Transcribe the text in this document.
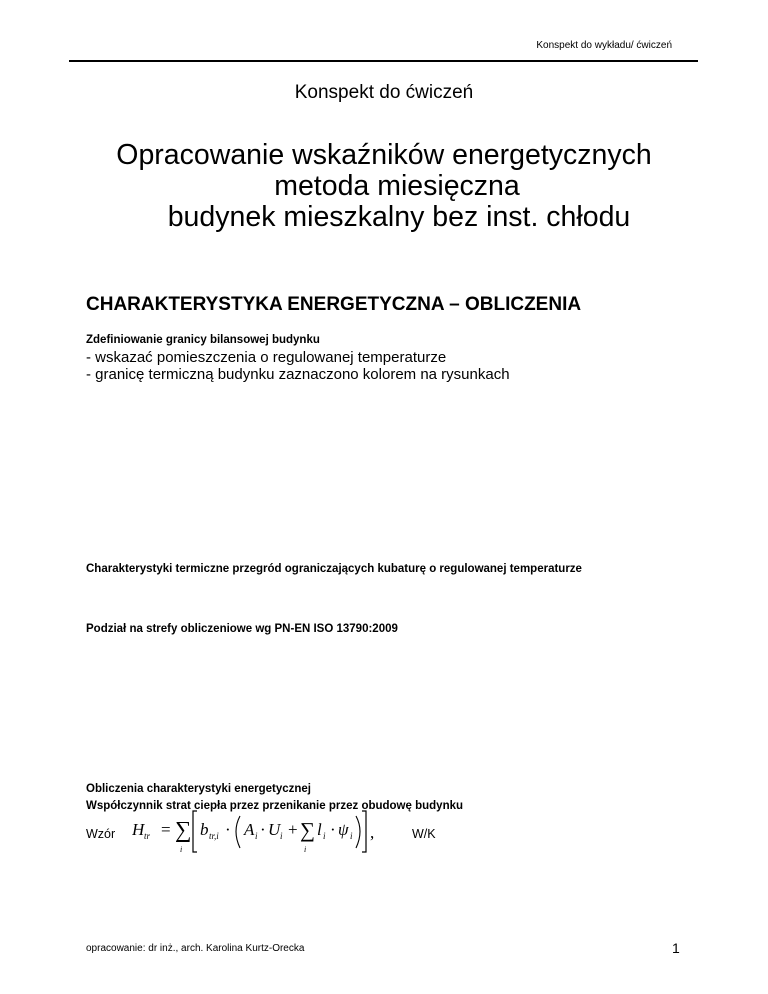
Konspekt do wykładu/ ćwiczeń
Konspekt do ćwiczeń
Opracowanie wskaźników energetycznych
metoda miesięczna
budynek mieszkalny bez inst. chłodu
CHARAKTERYSTYKA ENERGETYCZNA – OBLICZENIA
Zdefiniowanie granicy bilansowej budynku
- wskazać pomieszczenia o regulowanej temperaturze
- granicę termiczną budynku zaznaczono kolorem na rysunkach
Charakterystyki termiczne przegród ograniczających kubaturę o regulowanej temperaturze
Podział na strefy obliczeniowe wg PN-EN ISO 13790:2009
Obliczenia charakterystyki energetycznej
Współczynnik strat ciepła przez przenikanie przez obudowę budynku
Wzór H tr = ∑
i
b tr,i · A i · U i + ∑
i
l i · ψ i ,	W/K
opracowanie: dr inż., arch. Karolina Kurtz-Orecka	1
